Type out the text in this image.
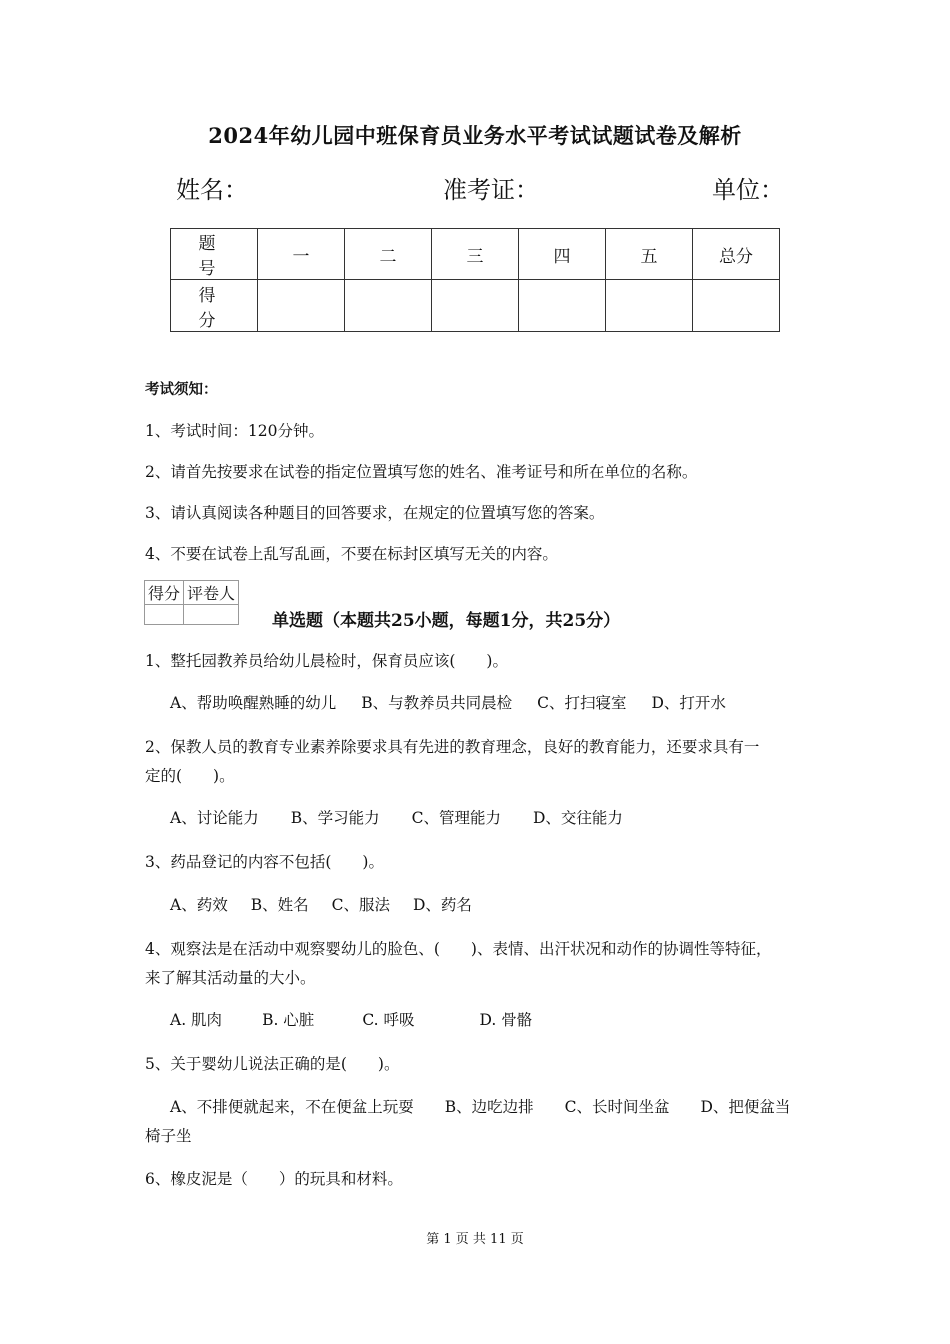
2024年幼儿园中班保育员业务水平考试试题试卷及解析
姓名：	准考证：	单位：
题　号	一	二	三	四	五	总分
得　分						
考试须知：
1、考试时间：120分钟。
2、请首先按要求在试卷的指定位置填写您的姓名、准考证号和所在单位的名称。
3、请认真阅读各种题目的回答要求，在规定的位置填写您的答案。
4、不要在试卷上乱写乱画，不要在标封区填写无关的内容。
得分	评卷人

单选题（本题共25小题，每题1分，共25分）
1、整托园教养员给幼儿晨检时，保育员应该(　　)。
A、帮助唤醒熟睡的幼儿 B、与教养员共同晨检 C、打扫寝室 D、打开水
2、保教人员的教育专业素养除要求具有先进的教育理念，良好的教育能力，还要求具有一
定的(　　)。
A、讨论能力 B、学习能力 C、管理能力 D、交往能力
3、药品登记的内容不包括(　　)。
A、药效 B、姓名 C、服法 D、药名
4、观察法是在活动中观察婴幼儿的脸色、(　　)、表情、出汗状况和动作的协调性等特征，
来了解其活动量的大小。
A. 肌肉	B. 心脏	C. 呼吸	D. 骨骼
5、关于婴幼儿说法正确的是(　　)。
A、不排便就起来，不在便盆上玩耍　　B、边吃边排　　C、长时间坐盆　　D、把便盆当
椅子坐
6、橡皮泥是（　　）的玩具和材料。
第 1 页 共 11 页
